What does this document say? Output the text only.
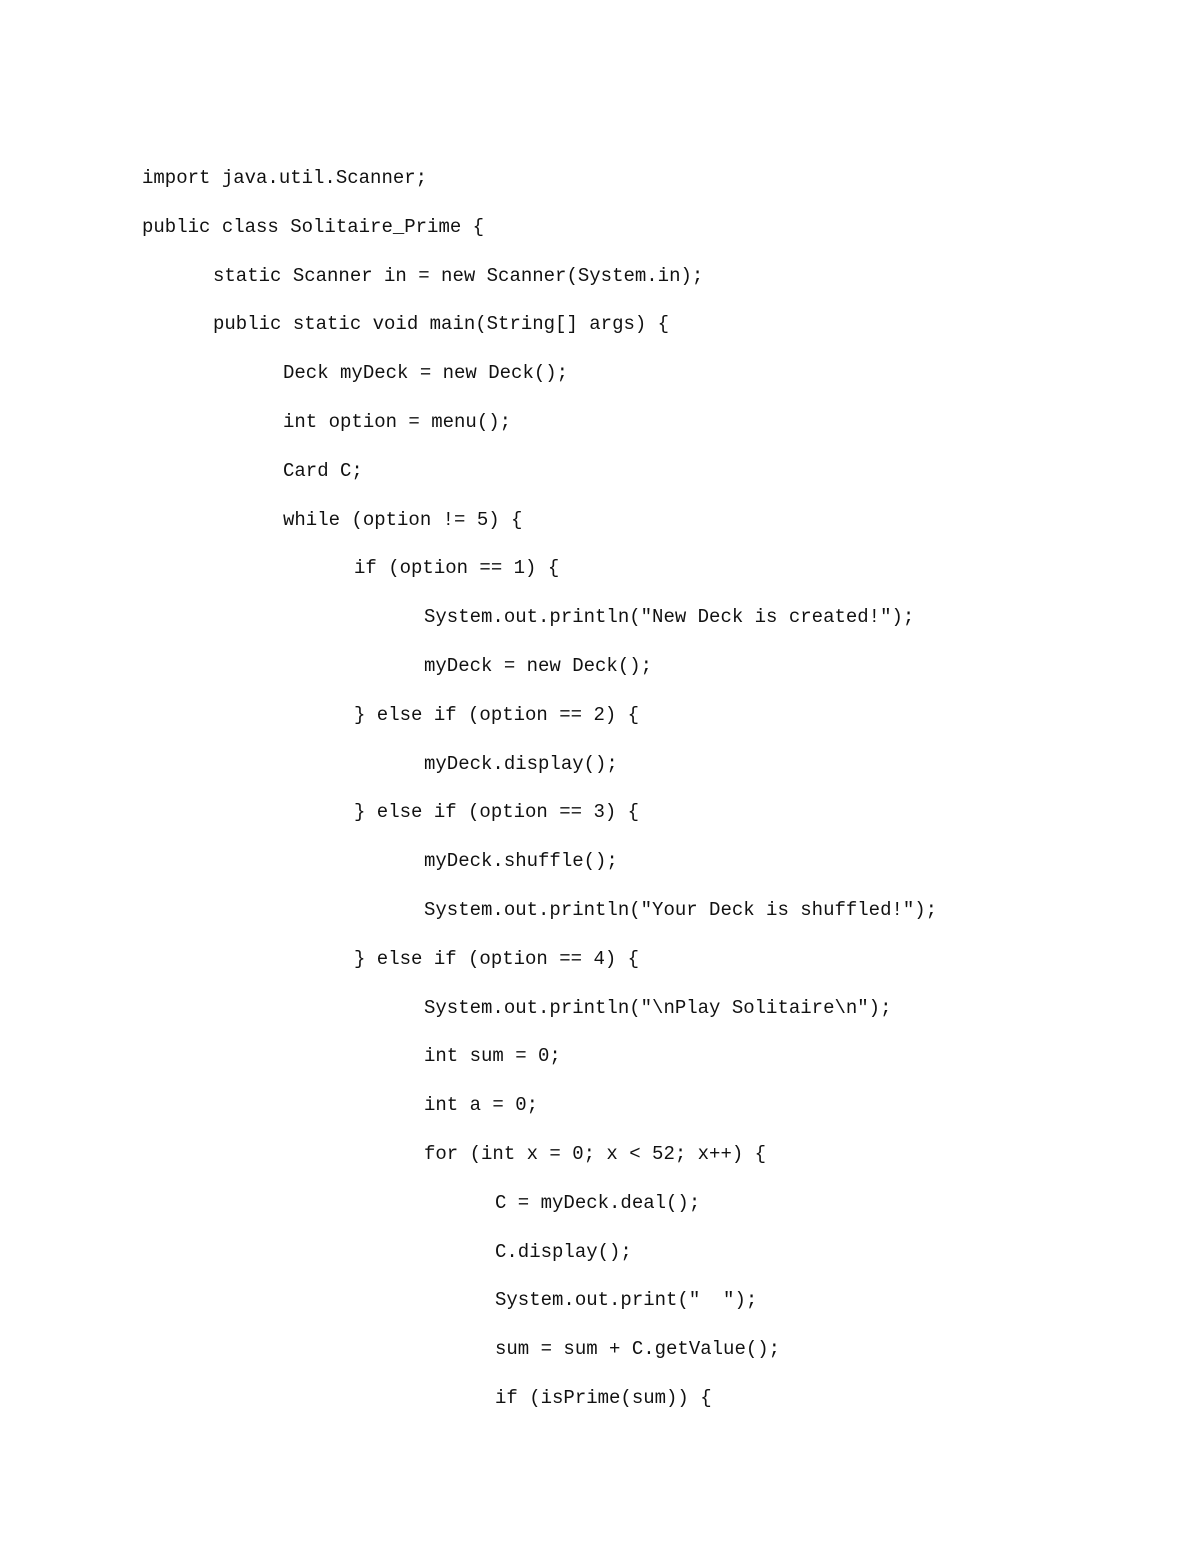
import java.util.Scanner;
public class Solitaire_Prime {
static Scanner in = new Scanner(System.in);
public static void main(String[] args) {
Deck myDeck = new Deck();
int option = menu();
Card C;
while (option != 5) {
if (option == 1) {
System.out.println("New Deck is created!");
myDeck = new Deck();
} else if (option == 2) {
myDeck.display();
} else if (option == 3) {
myDeck.shuffle();
System.out.println("Your Deck is shuffled!");
} else if (option == 4) {
System.out.println("\nPlay Solitaire\n");
int sum = 0;
int a = 0;
for (int x = 0; x < 52; x++) {
C = myDeck.deal();
C.display();
System.out.print("  ");
sum = sum + C.getValue();
if (isPrime(sum)) {
